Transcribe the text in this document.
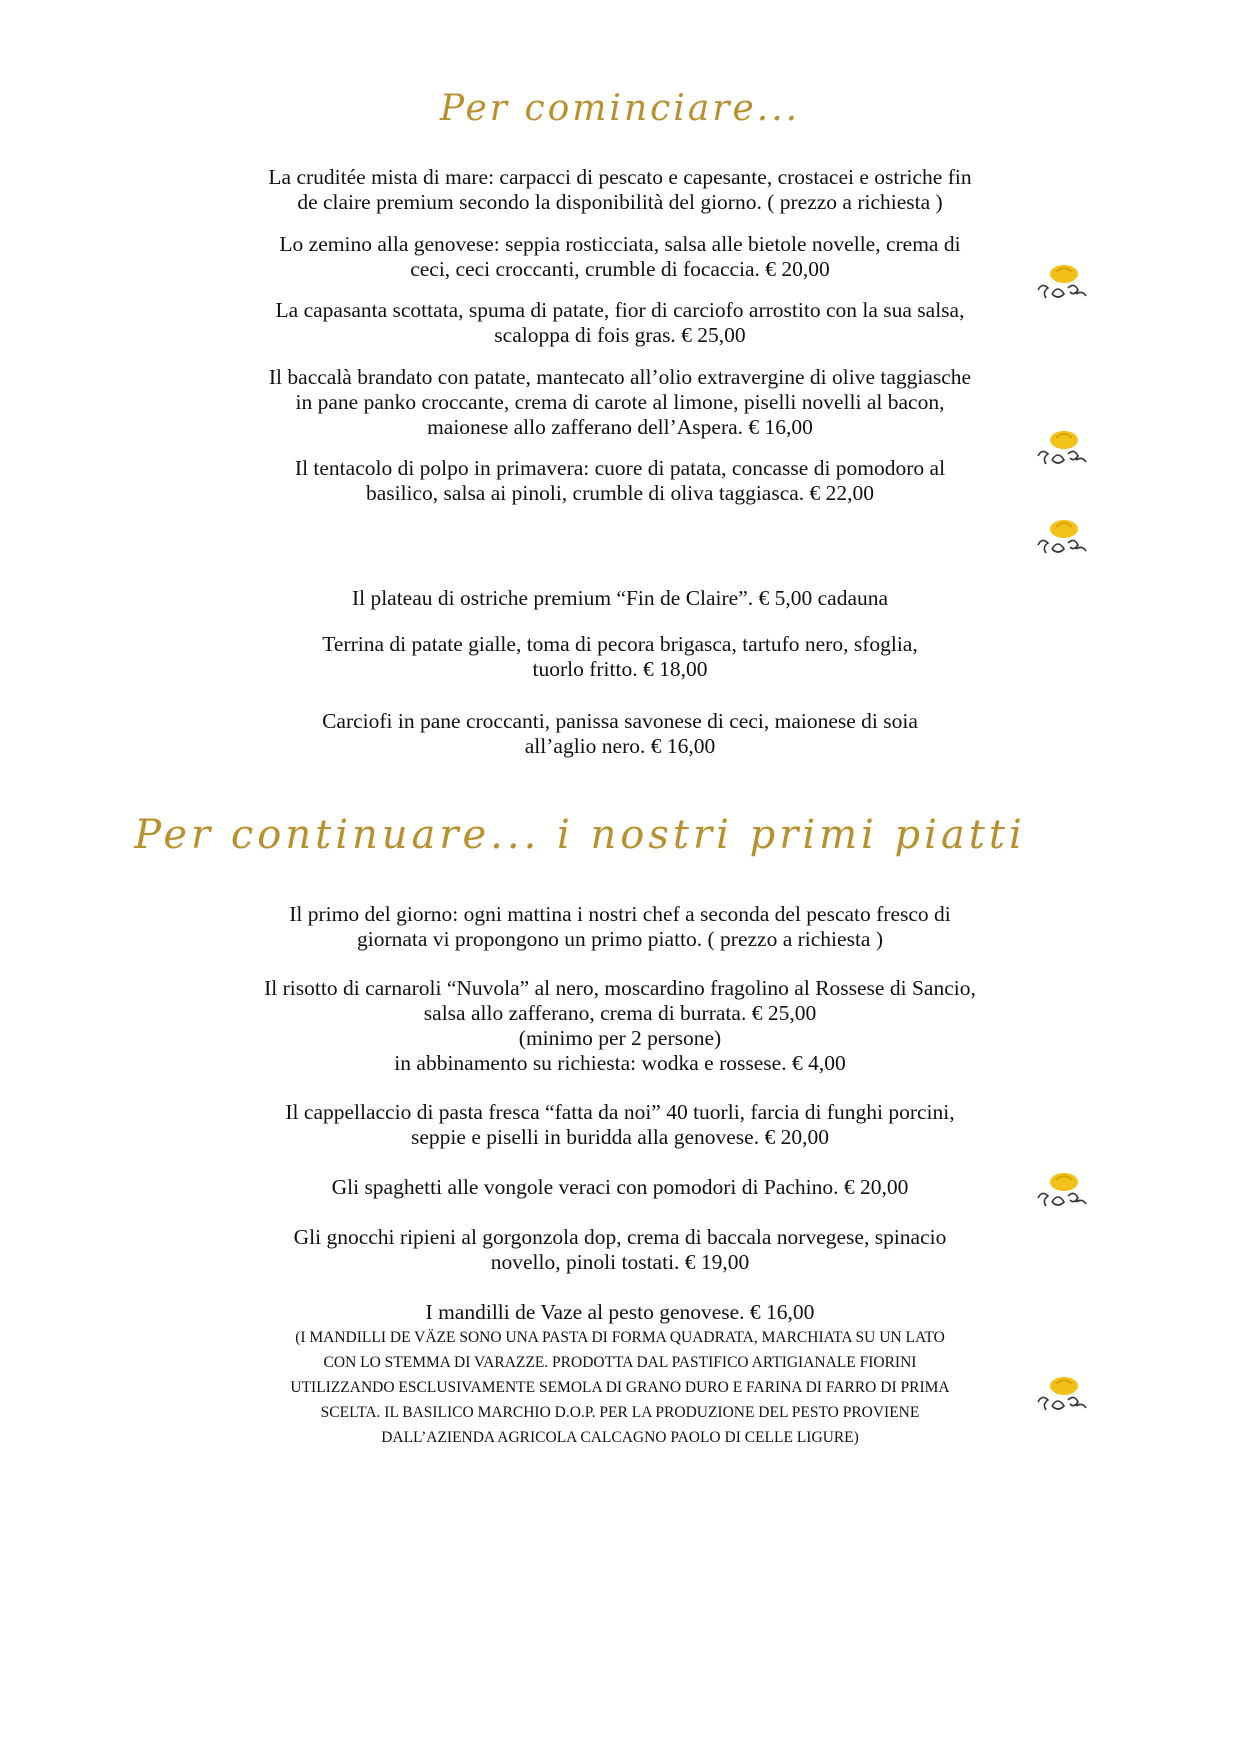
Per cominciare...

La cruditée mista di mare: carpacci di pescato e capesante, crostacei e ostriche fin
de claire premium secondo la disponibilità del giorno. ( prezzo a richiesta )

Lo zemino alla genovese: seppia rosticciata, salsa alle bietole novelle, crema di
ceci, ceci croccanti, crumble di focaccia. € 20,00

La capasanta scottata, spuma di patate, fior di carciofo arrostito con la sua salsa,
scaloppa di fois gras. € 25,00

Il baccalà brandato con patate, mantecato all’olio extravergine di olive taggiasche
in pane panko croccante, crema di carote al limone, piselli novelli al bacon,
maionese allo zafferano dell’Aspera. € 16,00

Il tentacolo di polpo in primavera: cuore di patata, concasse di pomodoro al
basilico, salsa ai pinoli, crumble di oliva taggiasca. € 22,00

Il plateau di ostriche premium “Fin de Claire”. € 5,00 cadauna

Terrina di patate gialle, toma di pecora brigasca, tartufo nero, sfoglia,
tuorlo fritto. € 18,00

Carciofi in pane croccanti, panissa savonese di ceci, maionese di soia
all’aglio nero. € 16,00

Per continuare... i nostri primi piatti

Il primo del giorno: ogni mattina i nostri chef a seconda del pescato fresco di
giornata vi propongono un primo piatto. ( prezzo a richiesta )

Il risotto di carnaroli “Nuvola” al nero, moscardino fragolino al Rossese di Sancio,
salsa allo zafferano, crema di burrata. € 25,00
(minimo per 2 persone)
in abbinamento su richiesta: wodka e rossese. € 4,00

Il cappellaccio di pasta fresca “fatta da noi” 40 tuorli, farcia di funghi porcini,
seppie e piselli in buridda alla genovese. € 20,00

Gli spaghetti alle vongole veraci con pomodori di Pachino. € 20,00

Gli gnocchi ripieni al gorgonzola dop, crema di baccala norvegese, spinacio
novello, pinoli tostati. € 19,00

I mandilli de Vaze al pesto genovese. € 16,00
(I MANDILLI DE VÄZE SONO UNA PASTA DI FORMA QUADRATA, MARCHIATA SU UN LATO
CON LO STEMMA DI VARAZZE. PRODOTTA DAL PASTIFICO ARTIGIANALE FIORINI
UTILIZZANDO ESCLUSIVAMENTE SEMOLA DI GRANO DURO E FARINA DI FARRO DI PRIMA
SCELTA. IL BASILICO MARCHIO D.O.P. PER LA PRODUZIONE DEL PESTO PROVIENE
DALL’AZIENDA AGRICOLA CALCAGNO PAOLO DI CELLE LIGURE)
